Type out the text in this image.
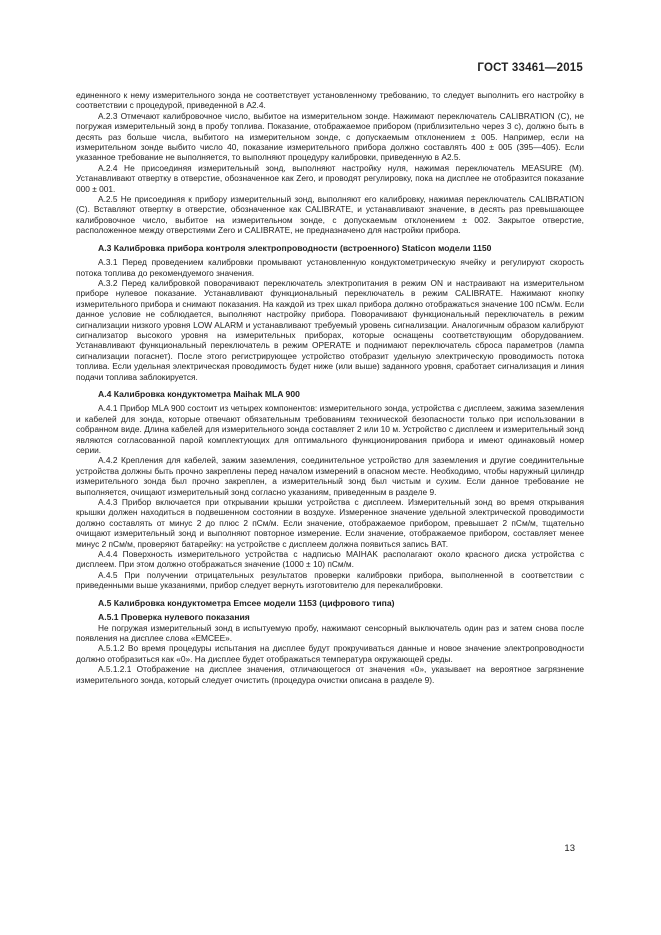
ГОСТ 33461—2015

единенного к нему измерительного зонда не соответствует установленному требованию, то следует выполнить его настройку в соответствии с процедурой, приведенной в А2.4.

А.2.3 Отмечают калибровочное число, выбитое на измерительном зонде. Нажимают переключатель CALIBRATION (С), не погружая измерительный зонд в пробу топлива. Показание, отображаемое прибором (приблизительно через 3 с), должно быть в десять раз больше числа, выбитого на измерительном зонде, с допускаемым отклонением ± 005. Например, если на измерительном зонде выбито число 40, показание измерительного прибора должно составлять 400 ± 005 (395—405). Если указанное требование не выполняется, то выполняют процедуру калибровки, приведенную в А2.5.

А.2.4 Не присоединяя измерительный зонд, выполняют настройку нуля, нажимая переключатель MEASURE (М). Устанавливают отвертку в отверстие, обозначенное как Zero, и проводят регулировку, пока на дисплее не отобразится показание 000 ± 001.

А.2.5 Не присоединяя к прибору измерительный зонд, выполняют его калибровку, нажимая переключатель CALIBRATION (С). Вставляют отвертку в отверстие, обозначенное как CALIBRATE, и устанавливают значение, в десять раз превышающее калибровочное число, выбитое на измерительном зонде, с допускаемым отклонением ± 002. Закрытое отверстие, расположенное между отверстиями Zero и CALIBRATE, не предназначено для настройки прибора.

А.3 Калибровка прибора контроля электропроводности (встроенного) Staticon модели 1150

А.3.1 Перед проведением калибровки промывают установленную кондуктометрическую ячейку и регулируют скорость потока топлива до рекомендуемого значения.

А.3.2 Перед калибровкой поворачивают переключатель электропитания в режим ON и настраивают на измерительном приборе нулевое показание. Устанавливают функциональный переключатель в режим CALIBRATE. Нажимают кнопку измерительного прибора и снимают показания. На каждой из трех шкал прибора должно отображаться значение 100 пСм/м. Если данное условие не соблюдается, выполняют настройку прибора. Поворачивают функциональный переключатель в режим сигнализации низкого уровня LOW ALARM и устанавливают требуемый уровень сигнализации. Аналогичным образом калибруют сигнализатор высокого уровня на измерительных приборах, которые оснащены соответствующим оборудованием. Устанавливают функциональный переключатель в режим OPERATE и поднимают переключатель сброса параметров (лампа сигнализации погаснет). После этого регистрирующее устройство отобразит удельную электрическую проводимость потока топлива. Если удельная электрическая проводимость будет ниже (или выше) заданного уровня, сработает сигнализация и линия подачи топлива заблокируется.

А.4 Калибровка кондуктометра Maihak MLA 900

А.4.1 Прибор MLA 900 состоит из четырех компонентов: измерительного зонда, устройства с дисплеем, зажима заземления и кабелей для зонда, которые отвечают обязательным требованиям технической безопасности только при использовании в собранном виде. Длина кабелей для измерительного зонда составляет 2 или 10 м. Устройство с дисплеем и измерительный зонд являются согласованной парой комплектующих для оптимального функционирования прибора и имеют одинаковый номер серии.

А.4.2 Крепления для кабелей, зажим заземления, соединительное устройство для заземления и другие соединительные устройства должны быть прочно закреплены перед началом измерений в опасном месте. Необходимо, чтобы наружный цилиндр измерительного зонда был прочно закреплен, а измерительный зонд был чистым и сухим. Если данное требование не выполняется, очищают измерительный зонд согласно указаниям, приведенным в разделе 9.

А.4.3 Прибор включается при открывании крышки устройства с дисплеем. Измерительный зонд во время открывания крышки должен находиться в подвешенном состоянии в воздухе. Измеренное значение удельной электрической проводимости должно составлять от минус 2 до плюс 2 пСм/м. Если значение, отображаемое прибором, превышает 2 пСм/м, тщательно очищают измерительный зонд и выполняют повторное измерение. Если значение, отображаемое прибором, составляет менее минус 2 пСм/м, проверяют батарейку: на устройстве с дисплеем должна появиться запись BAT.

А.4.4 Поверхность измерительного устройства с надписью MAIHAK располагают около красного диска устройства с дисплеем. При этом должно отображаться значение (1000 ± 10) пСм/м.

А.4.5 При получении отрицательных результатов проверки калибровки прибора, выполненной в соответствии с приведенными выше указаниями, прибор следует вернуть изготовителю для перекалибровки.

А.5 Калибровка кондуктометра Emcee модели 1153 (цифрового типа)
А.5.1 Проверка нулевого показания

Не погружая измерительный зонд в испытуемую пробу, нажимают сенсорный выключатель один раз и затем снова после появления на дисплее слова «EMCEE».

А.5.1.2 Во время процедуры испытания на дисплее будут прокручиваться данные и новое значение электропроводности должно отобразиться как «0». На дисплее будет отображаться температура окружающей среды.

А.5.1.2.1 Отображение на дисплее значения, отличающегося от значения «0», указывает на вероятное загрязнение измерительного зонда, который следует очистить (процедура очистки описана в разделе 9).

13
